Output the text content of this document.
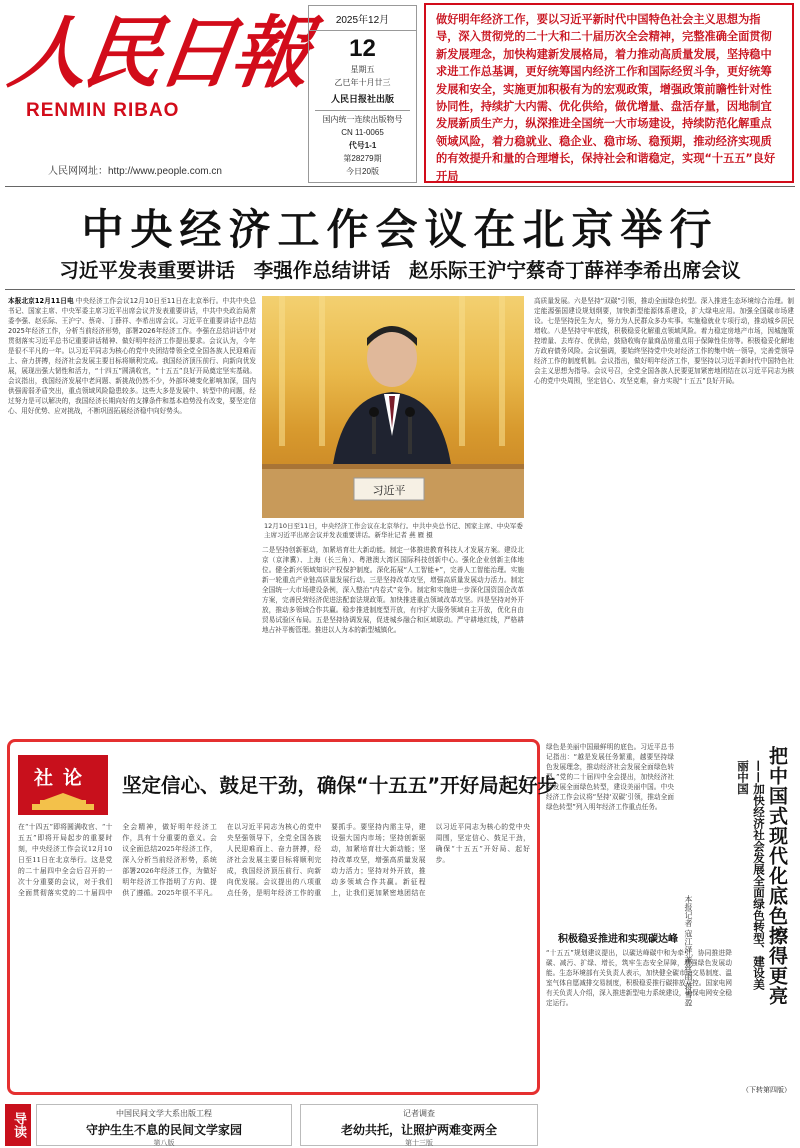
人民日報
RENMIN RIBAO
人民网网址：http://www.people.com.cn
2025年12月
12
星期五
乙巳年十月廿三
人民日报社出版
国内统一连续出版物号
CN 11-0065
代号1-1
第28279期
今日20版
做好明年经济工作，要以习近平新时代中国特色社会主义思想为指导，深入贯彻党的二十大和二十届历次全会精神，完整准确全面贯彻新发展理念，加快构建新发展格局，着力推动高质量发展，坚持稳中求进工作总基调，更好统筹国内经济工作和国际经贸斗争，更好统筹发展和安全，实施更加积极有为的宏观政策，增强政策前瞻性针对性协同性，持续扩大内需、优化供给，做优增量、盘活存量，因地制宜发展新质生产力，纵深推进全国统一大市场建设，持续防范化解重点领域风险，着力稳就业、稳企业、稳市场、稳预期，推动经济实现质的有效提升和量的合理增长，保持社会和谐稳定，实现“十五五”良好开局
中央经济工作会议在北京举行
习近平发表重要讲话 李强作总结讲话 赵乐际王沪宁蔡奇丁薛祥李希出席会议
本报北京12月11日电 中央经济工作会议12月10日至11日在北京举行。中共中央总书记、国家主席、中央军委主席习近平出席会议并发表重要讲话，中共中央政治局常委李强、赵乐际、王沪宁、蔡奇、丁薛祥、李希出席会议。习近平在重要讲话中总结2025年经济工作，分析当前经济形势，部署2026年经济工作。李强在总结讲话中对贯彻落实习近平总书记重要讲话精神、做好明年经济工作提出要求。会议认为，今年是很不平凡的一年。以习近平同志为核心的党中央团结带领全党全国各族人民迎难而上、奋力拼搏，经济社会发展主要目标将顺利完成。我国经济顶压前行、向新向优发展，展现出强大韧性和活力，“十四五”圆满收官，“十五五”良好开局奠定坚实基础。会议指出，我国经济发展中老问题、新挑战仍然不少，外部环境变化影响加深，国内供强需弱矛盾突出，重点领域风险隐患较多。这些大多是发展中、转型中的问题，经过努力是可以解决的，我国经济长期向好的支撑条件和基本趋势没有改变，要坚定信心、用好优势、应对挑战，不断巩固拓展经济稳中向好势头。
习近平
12月10日至11日，中央经济工作会议在北京举行。中共中央总书记、国家主席、中央军委主席习近平出席会议并发表重要讲话。新华社记者 燕 雁 摄
二是坚持创新驱动，加紧培育壮大新动能。制定一体推进教育科技人才发展方案。建设北京（京津冀）、上海（长三角）、粤港澳大湾区国际科技创新中心。强化企业创新主体地位。健全新兴领域知识产权保护制度。深化拓展“人工智能+”，完善人工智能治理。实施新一轮重点产业链高质量发展行动。三是坚持改革攻坚，增强高质量发展动力活力。制定全国统一大市场建设条例，深入整治“内卷式”竞争。制定和实施进一步深化国资国企改革方案，完善民营经济促进法配套法规政策。加快推进重点领域改革攻坚。四是坚持对外开放，推动多领域合作共赢。稳步推进制度型开放，有序扩大服务领域自主开放，优化自由贸易试验区布局。五是坚持协调发展，促进城乡融合和区域联动。严守耕地红线，严格耕地占补平衡管理。推进以人为本的新型城镇化。
高质量发展。六是坚持“双碳”引领，推动全面绿色转型。深入推进生态环境综合治理。制定能源强国建设规划纲要，加快新型能源体系建设，扩大绿电应用。加强全国碳市场建设。七是坚持民生为大，努力为人民群众多办实事。实施稳就业专项行动，推动城乡居民增收。八是坚持守牢底线，积极稳妥化解重点领域风险。着力稳定房地产市场，因城施策控增量、去库存、优供给，鼓励收购存量商品房重点用于保障性住房等。积极稳妥化解地方政府债务风险。会议强调，要始终坚持党中央对经济工作的集中统一领导，完善党领导经济工作的制度机制。会议指出，做好明年经济工作，要坚持以习近平新时代中国特色社会主义思想为指导。会议号召，全党全国各族人民要更加紧密地团结在以习近平同志为核心的党中央周围，坚定信心、攻坚克难，奋力实现“十五五”良好开局。
社论	坚定信心、鼓足干劲，确保“十五五”开好局起好步
在“十四五”即将圆满收官、“十五五”即将开局起步的重要时刻，中央经济工作会议12月10日至11日在北京举行。这是党的二十届四中全会后召开的一次十分重要的会议，对于我们全面贯彻落实党的二十届四中全会精神，做好明年经济工作，具有十分重要的意义。会议全面总结2025年经济工作，深入分析当前经济形势，系统部署2026年经济工作，为做好明年经济工作指明了方向、提供了遵循。2025年很不平凡。在以习近平同志为核心的党中央坚强领导下，全党全国各族人民迎难而上、奋力拼搏，经济社会发展主要目标将顺利完成，我国经济顶压前行、向新向优发展。会议提出的八项重点任务，是明年经济工作的重要抓手。要坚持内需主导，建设强大国内市场；坚持创新驱动，加紧培育壮大新动能；坚持改革攻坚，增强高质量发展动力活力；坚持对外开放，推动多领域合作共赢。新征程上，让我们更加紧密地团结在以习近平同志为核心的党中央周围，坚定信心、鼓足干劲，确保“十五五”开好局、起好步。
绿色是美丽中国最鲜明的底色。习近平总书记指出：“越是发展任务繁重，越要坚持绿色发展理念，推动经济社会发展全面绿色转型。”党的二十届四中全会提出，加快经济社会发展全面绿色转型，建设美丽中国。中央经济工作会议将“坚持‘双碳’引领，推动全面绿色转型”列入明年经济工作重点任务。	把中国式现代化底色擦得更亮
——加快经济社会发展全面绿色转型、建设美丽中国
本报记者 寇江泽 董丝雨 蒋雪盈
积极稳妥推进和实现碳达峰
“十五五”规划建议提出，以碳达峰碳中和为牵引，协同推进降碳、减污、扩绿、增长，筑牢生态安全屏障，增强绿色发展动能。生态环境部有关负责人表示，加快健全碳市场交易制度、温室气体自愿减排交易制度，积极稳妥推行碳排放双控。国家电网有关负责人介绍，深入推进新型电力系统建设，确保电网安全稳定运行。
（下转第四版）
导读	中国民间文学大系出版工程
守护生生不息的民间文学家园
第八版
记者调查
老幼共托，让照护两难变两全
第十三版
